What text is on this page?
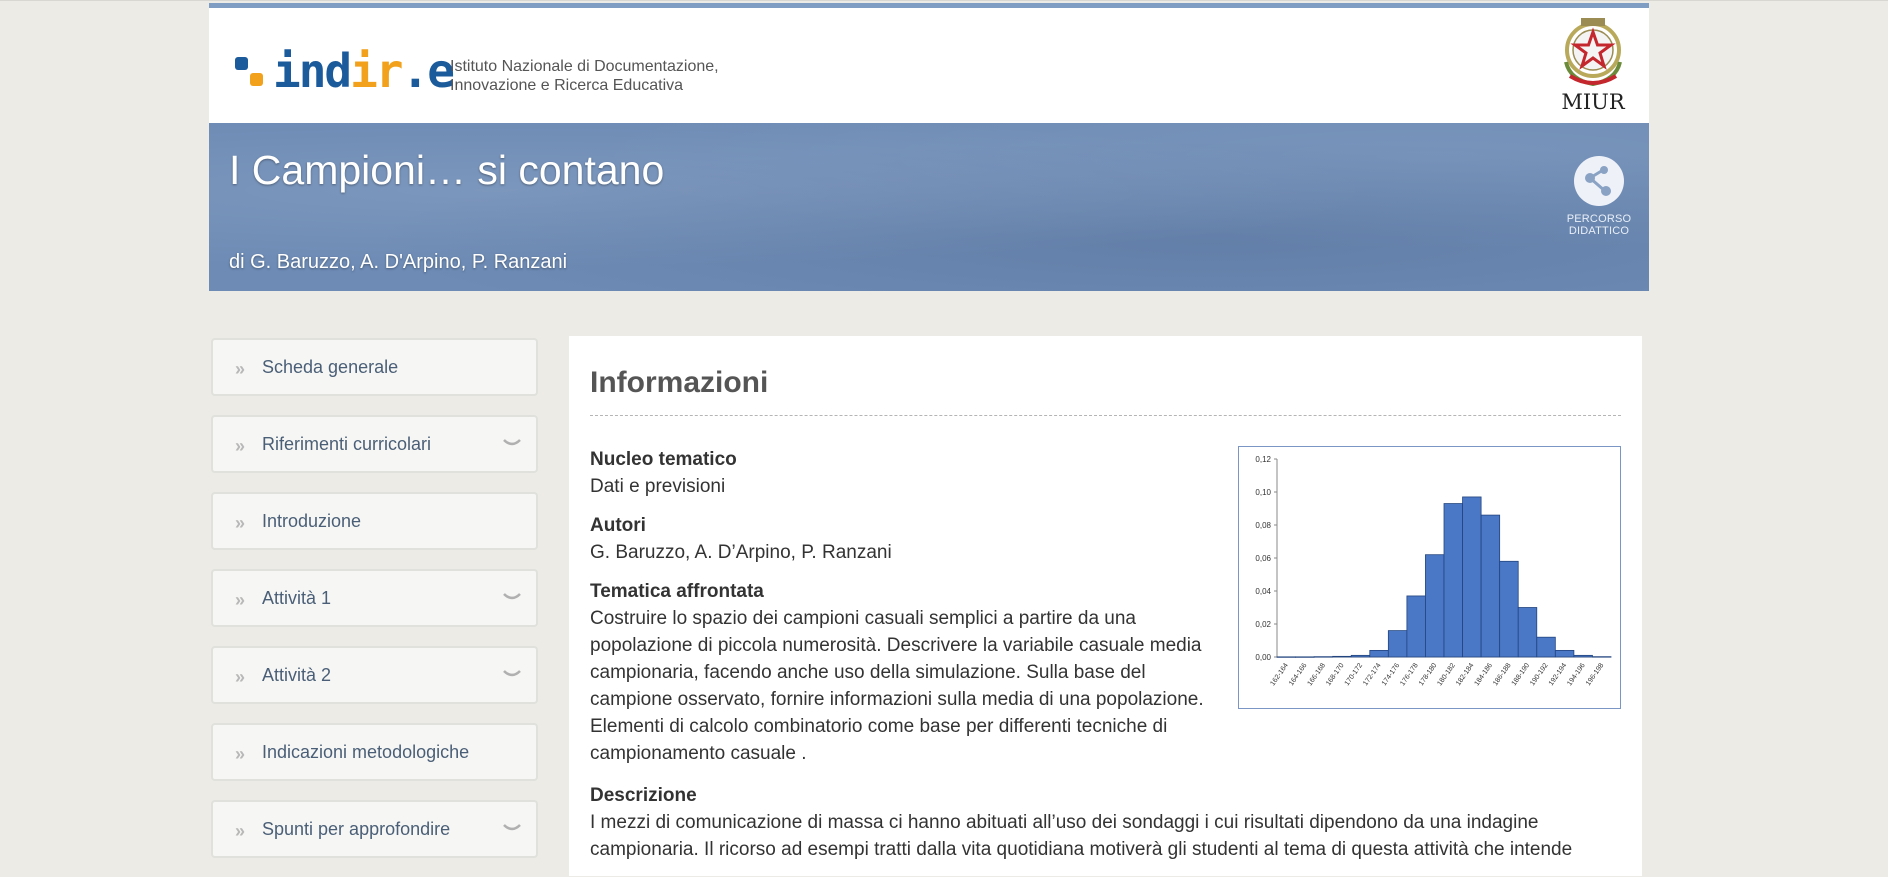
indir.e
Istituto Nazionale di Documentazione,
Innovazione e Ricerca Educativa
MIUR
I Campioni… si contano
di G. Baruzzo, A. D'Arpino, P. Ranzani
PERCORSO
DIDATTICO
» Scheda generale
» Riferimenti curricolari
» Introduzione
» Attività 1
» Attività 2
» Indicazioni metodologiche
» Spunti per approfondire
Informazioni
Nucleo tematico
Dati e previsioni
Autori
G. Baruzzo, A. D’Arpino, P. Ranzani
Tematica affrontata
Costruire lo spazio dei campioni casuali semplici a partire da una popolazione di piccola numerosità. Descrivere la variabile casuale media campionaria, facendo anche uso della simulazione. Sulla base del campione osservato, fornire informazioni sulla media di una popolazione. Elementi di calcolo combinatorio come base per differenti tecniche di campionamento casuale .
0,00
0,02
0,04
0,06
0,08
0,10
0,12
162-164
164-166
166-168
168-170
170-172
172-174
174-176
176-178
178-180
180-182
182-184
184-186
186-188
188-190
190-192
192-194
194-196
196-198
Descrizione
I mezzi di comunicazione di massa ci hanno abituati all’uso dei sondaggi i cui risultati dipendono da una indagine campionaria. Il ricorso ad esempi tratti dalla vita quotidiana motiverà gli studenti al tema di questa attività che intende
